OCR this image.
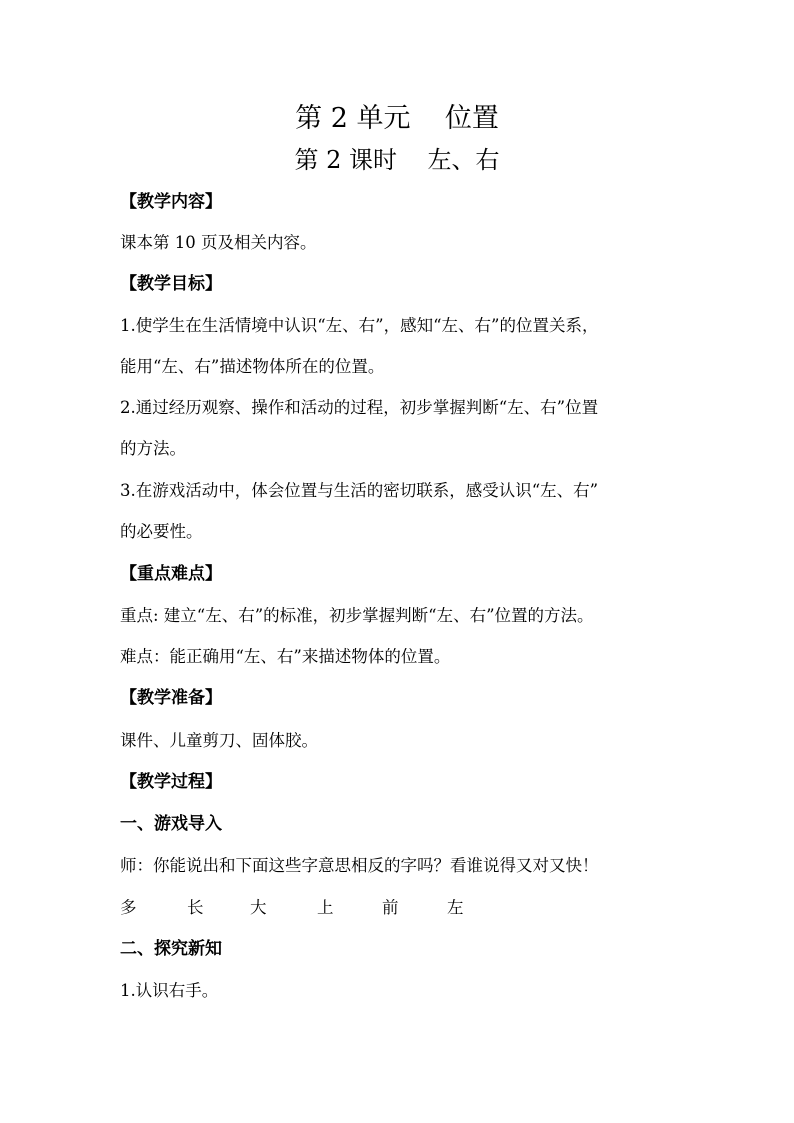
第 2 单元    位置
第 2 课时    左、右
【教学内容】
课本第 10 页及相关内容。
【教学目标】
1.使学生在生活情境中认识“左、右”，感知“左、右”的位置关系，
能用“左、右”描述物体所在的位置。
2.通过经历观察、操作和活动的过程，初步掌握判断“左、右”位置
的方法。
3.在游戏活动中，体会位置与生活的密切联系，感受认识“左、右”
的必要性。
【重点难点】
重点: 建立“左、右”的标准，初步掌握判断“左、右”位置的方法。
难点：能正确用“左、右”来描述物体的位置。
【教学准备】
课件、儿童剪刀、固体胶。
【教学过程】
一、游戏导入
师：你能说出和下面这些字意思相反的字吗？看谁说得又对又快！
多	长	大	上	前	左
二、探究新知
1.认识右手。
